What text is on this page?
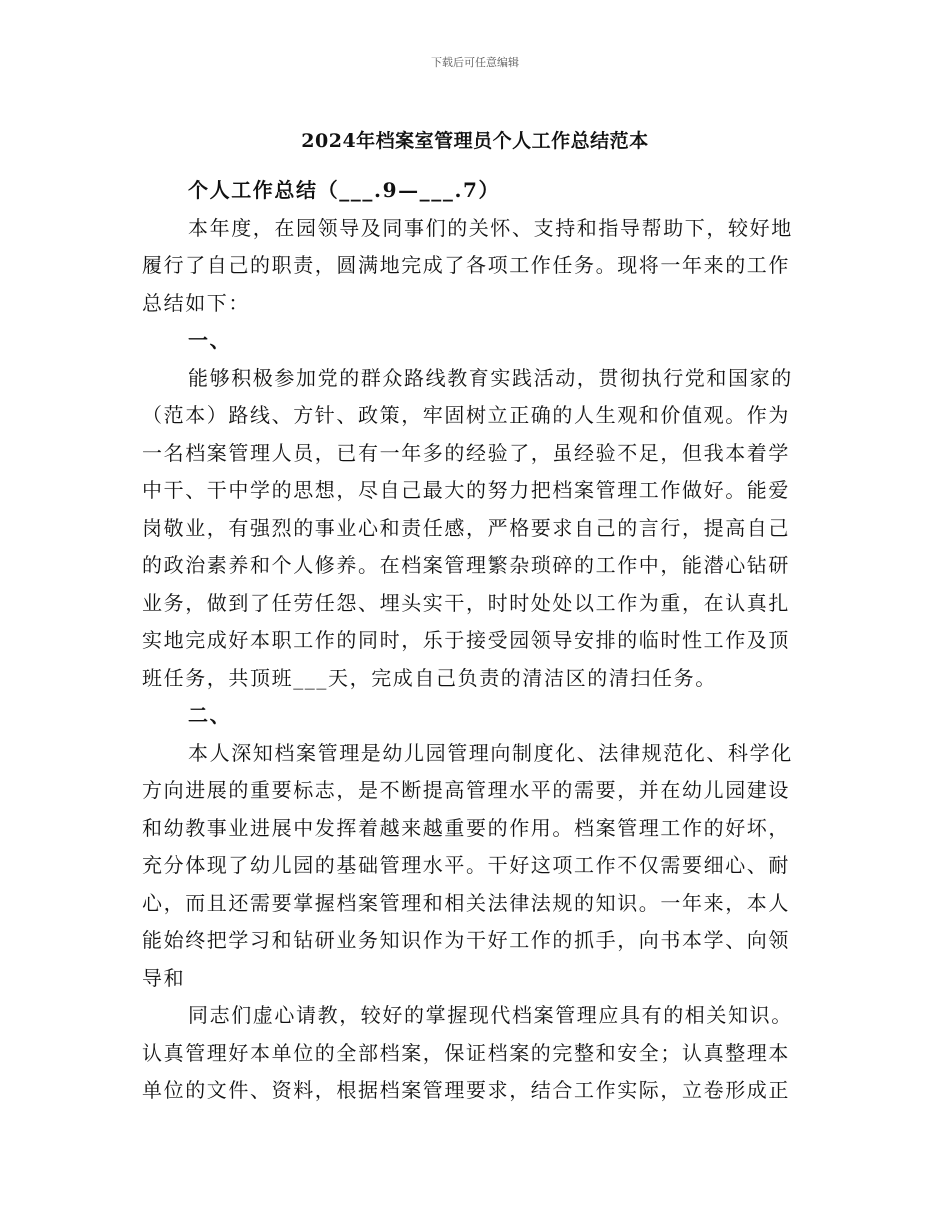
下载后可任意编辑
2024年档案室管理员个人工作总结范本
个人工作总结（___.9—___.7）
本年度，在园领导及同事们的关怀、支持和指导帮助下，较好地
履行了自己的职责，圆满地完成了各项工作任务。现将一年来的工作
总结如下：
一、
能够积极参加党的群众路线教育实践活动，贯彻执行党和国家的
（范本）路线、方针、政策，牢固树立正确的人生观和价值观。作为
一名档案管理人员，已有一年多的经验了，虽经验不足，但我本着学
中干、干中学的思想，尽自己最大的努力把档案管理工作做好。能爱
岗敬业，有强烈的事业心和责任感，严格要求自己的言行，提高自己
的政治素养和个人修养。在档案管理繁杂琐碎的工作中，能潜心钻研
业务，做到了任劳任怨、埋头实干，时时处处以工作为重，在认真扎
实地完成好本职工作的同时，乐于接受园领导安排的临时性工作及顶
班任务，共顶班___天，完成自己负责的清洁区的清扫任务。
二、
本人深知档案管理是幼儿园管理向制度化、法律规范化、科学化
方向进展的重要标志，是不断提高管理水平的需要，并在幼儿园建设
和幼教事业进展中发挥着越来越重要的作用。档案管理工作的好坏，
充分体现了幼儿园的基础管理水平。干好这项工作不仅需要细心、耐
心，而且还需要掌握档案管理和相关法律法规的知识。一年来，本人
能始终把学习和钻研业务知识作为干好工作的抓手，向书本学、向领
导和
同志们虚心请教，较好的掌握现代档案管理应具有的相关知识。
认真管理好本单位的全部档案，保证档案的完整和安全；认真整理本
单位的文件、资料，根据档案管理要求，结合工作实际，立卷形成正
